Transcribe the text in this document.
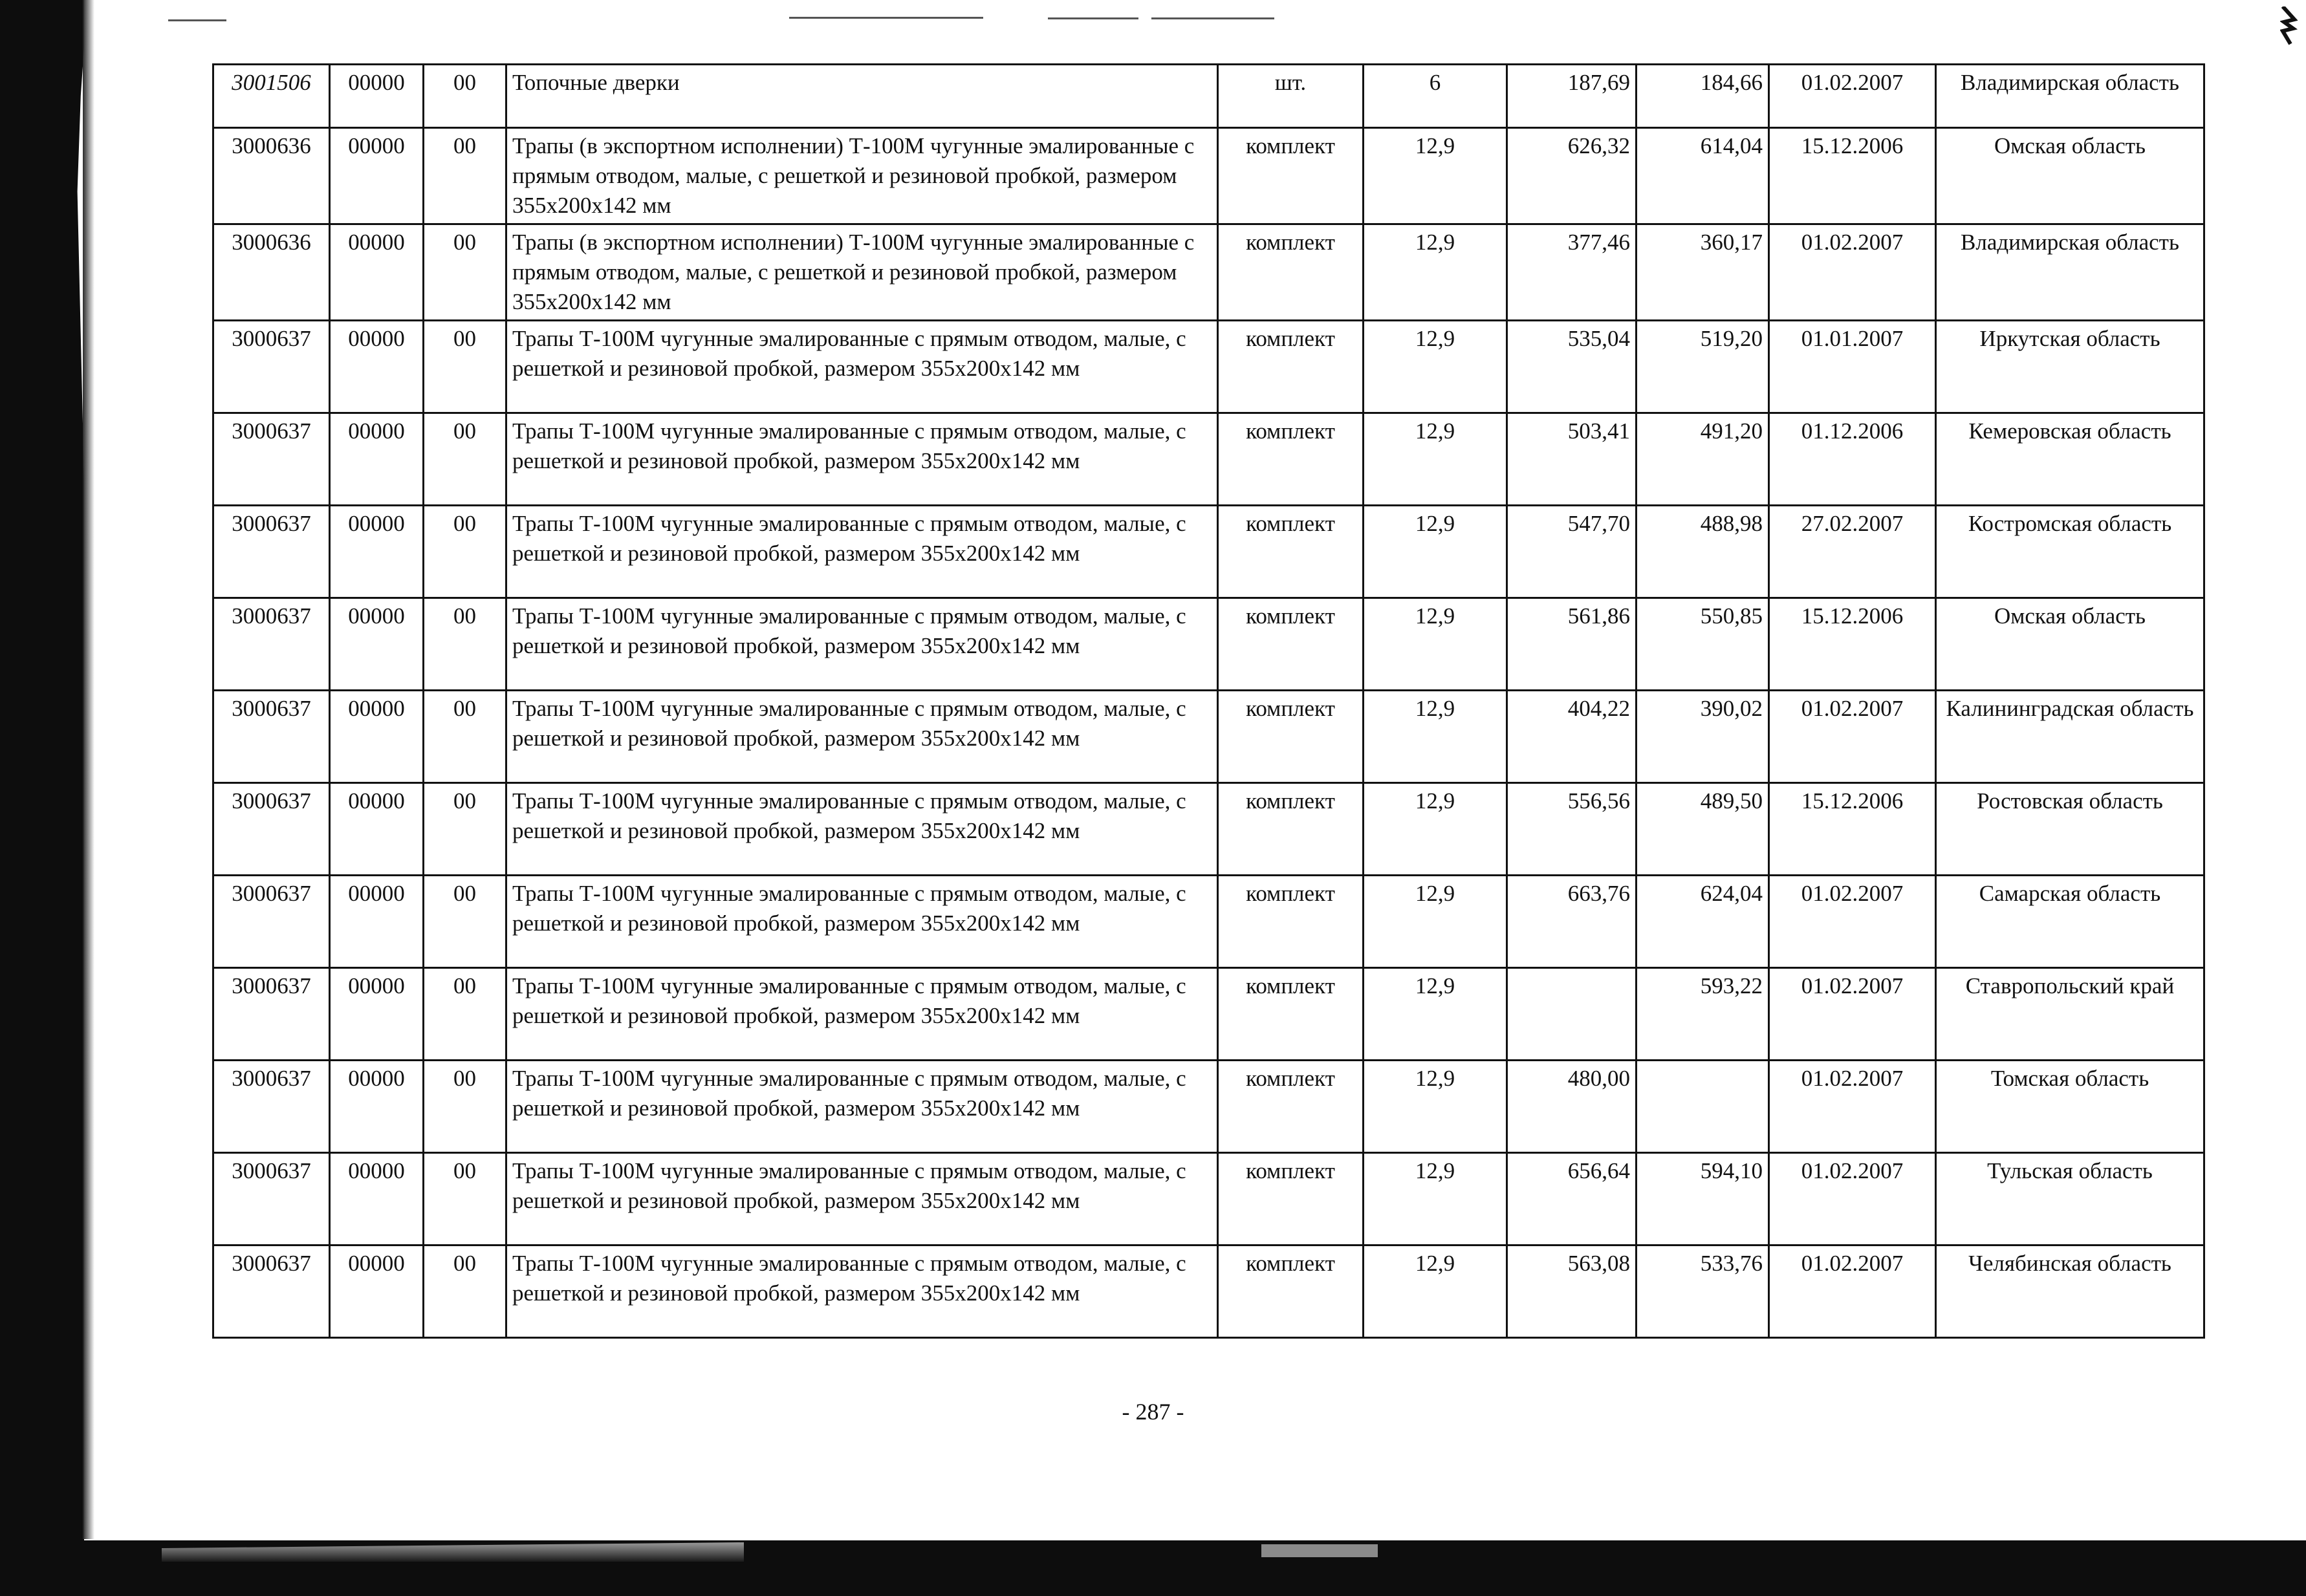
3001506	00000	00	Топочные дверки	шт.	6	187,69	184,66	01.02.2007	Владимирская область
3000636	00000	00	Трапы (в экспортном исполнении) Т-100М чугунные эмалированные с прямым отводом, малые, с решеткой и резиновой пробкой, размером 355х200х142 мм	комплект	12,9	626,32	614,04	15.12.2006	Омская область
3000636	00000	00	Трапы (в экспортном исполнении) Т-100М чугунные эмалированные с прямым отводом, малые, с решеткой и резиновой пробкой, размером 355х200х142 мм	комплект	12,9	377,46	360,17	01.02.2007	Владимирская область
3000637	00000	00	Трапы Т-100М чугунные эмалированные с прямым отводом, малые, с решеткой и резиновой пробкой, размером 355х200х142 мм	комплект	12,9	535,04	519,20	01.01.2007	Иркутская область
3000637	00000	00	Трапы Т-100М чугунные эмалированные с прямым отводом, малые, с решеткой и резиновой пробкой, размером 355х200х142 мм	комплект	12,9	503,41	491,20	01.12.2006	Кемеровская область
3000637	00000	00	Трапы Т-100М чугунные эмалированные с прямым отводом, малые, с решеткой и резиновой пробкой, размером 355х200х142 мм	комплект	12,9	547,70	488,98	27.02.2007	Костромская область
3000637	00000	00	Трапы Т-100М чугунные эмалированные с прямым отводом, малые, с решеткой и резиновой пробкой, размером 355х200х142 мм	комплект	12,9	561,86	550,85	15.12.2006	Омская область
3000637	00000	00	Трапы Т-100М чугунные эмалированные с прямым отводом, малые, с решеткой и резиновой пробкой, размером 355х200х142 мм	комплект	12,9	404,22	390,02	01.02.2007	Калининградская область
3000637	00000	00	Трапы Т-100М чугунные эмалированные с прямым отводом, малые, с решеткой и резиновой пробкой, размером 355х200х142 мм	комплект	12,9	556,56	489,50	15.12.2006	Ростовская область
3000637	00000	00	Трапы Т-100М чугунные эмалированные с прямым отводом, малые, с решеткой и резиновой пробкой, размером 355х200х142 мм	комплект	12,9	663,76	624,04	01.02.2007	Самарская область
3000637	00000	00	Трапы Т-100М чугунные эмалированные с прямым отводом, малые, с решеткой и резиновой пробкой, размером 355х200х142 мм	комплект	12,9		593,22	01.02.2007	Ставропольский край
3000637	00000	00	Трапы Т-100М чугунные эмалированные с прямым отводом, малые, с решеткой и резиновой пробкой, размером 355х200х142 мм	комплект	12,9	480,00		01.02.2007	Томская область
3000637	00000	00	Трапы Т-100М чугунные эмалированные с прямым отводом, малые, с решеткой и резиновой пробкой, размером 355х200х142 мм	комплект	12,9	656,64	594,10	01.02.2007	Тульская область
3000637	00000	00	Трапы Т-100М чугунные эмалированные с прямым отводом, малые, с решеткой и резиновой пробкой, размером 355х200х142 мм	комплект	12,9	563,08	533,76	01.02.2007	Челябинская область
- 287 -
